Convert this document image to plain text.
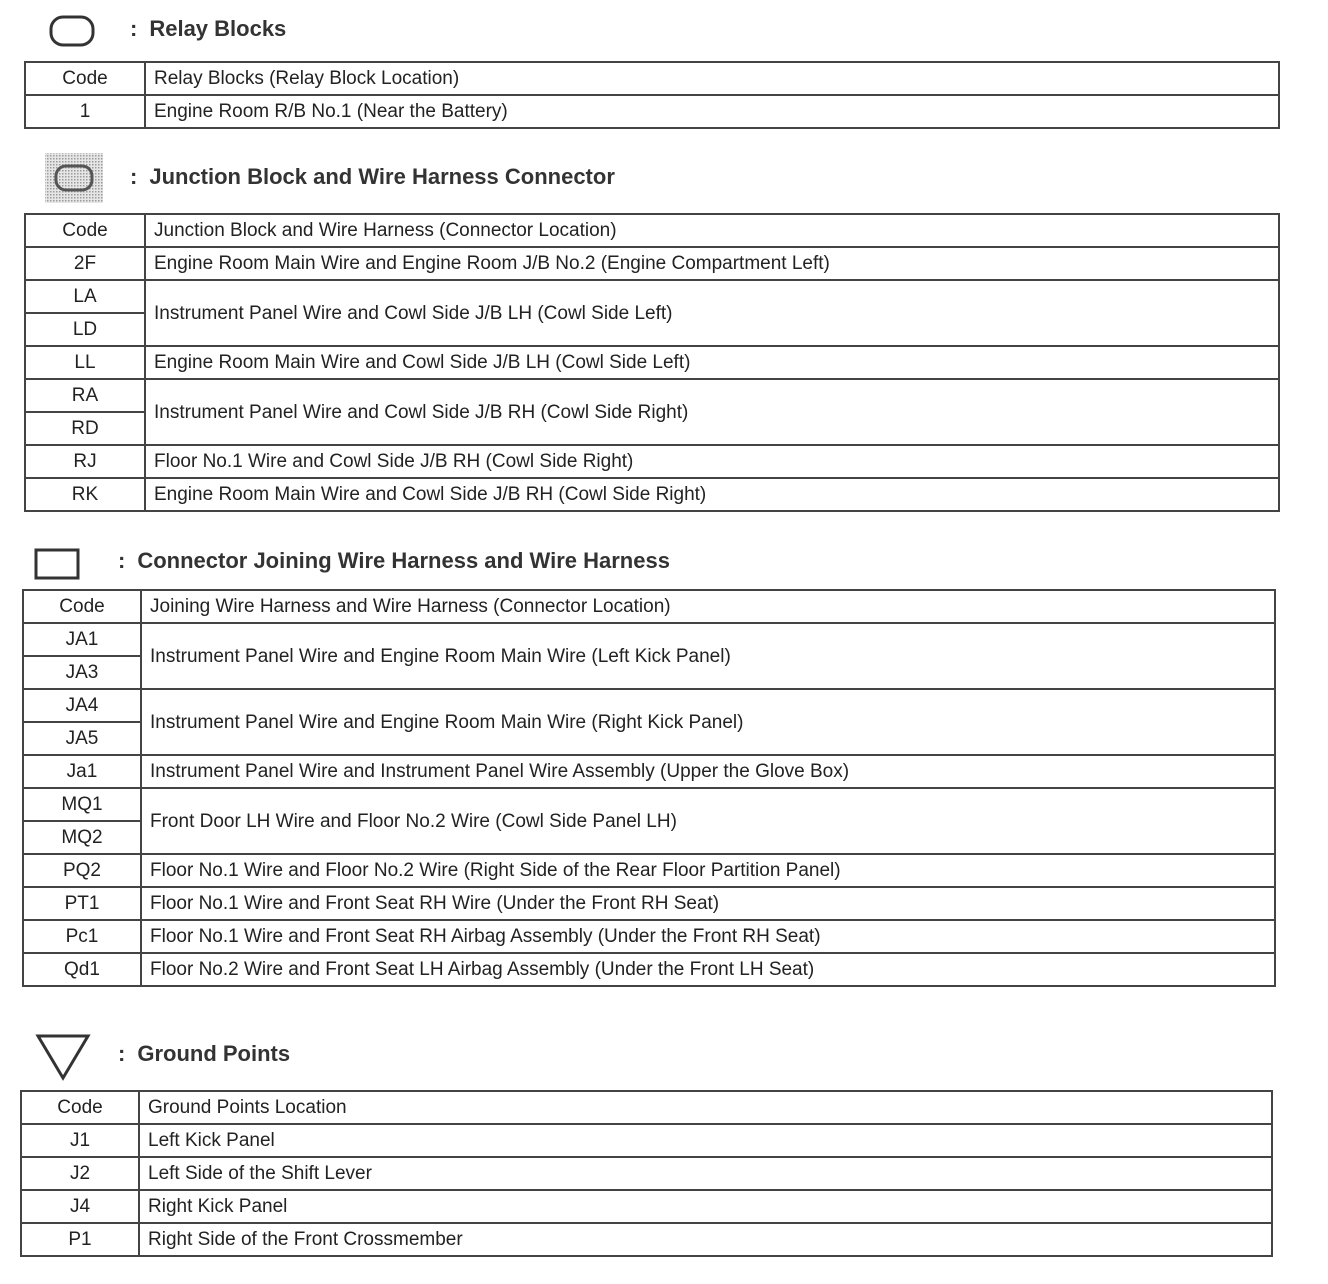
: Relay Blocks
Code	Relay Blocks (Relay Block Location)
1	Engine Room R/B No.1 (Near the Battery)
: Junction Block and Wire Harness Connector
Code	Junction Block and Wire Harness (Connector Location)
2F	Engine Room Main Wire and Engine Room J/B No.2 (Engine Compartment Left)
LA	Instrument Panel Wire and Cowl Side J/B LH (Cowl Side Left)
LD	
LL	Engine Room Main Wire and Cowl Side J/B LH (Cowl Side Left)
RA	Instrument Panel Wire and Cowl Side J/B RH (Cowl Side Right)
RD	
RJ	Floor No.1 Wire and Cowl Side J/B RH (Cowl Side Right)
RK	Engine Room Main Wire and Cowl Side J/B RH (Cowl Side Right)
: Connector Joining Wire Harness and Wire Harness
Code	Joining Wire Harness and Wire Harness (Connector Location)
JA1	Instrument Panel Wire and Engine Room Main Wire (Left Kick Panel)
JA3	
JA4	Instrument Panel Wire and Engine Room Main Wire (Right Kick Panel)
JA5	
Ja1	Instrument Panel Wire and Instrument Panel Wire Assembly (Upper the Glove Box)
MQ1	Front Door LH Wire and Floor No.2 Wire (Cowl Side Panel LH)
MQ2	
PQ2	Floor No.1 Wire and Floor No.2 Wire (Right Side of the Rear Floor Partition Panel)
PT1	Floor No.1 Wire and Front Seat RH Wire (Under the Front RH Seat)
Pc1	Floor No.1 Wire and Front Seat RH Airbag Assembly (Under the Front RH Seat)
Qd1	Floor No.2 Wire and Front Seat LH Airbag Assembly (Under the Front LH Seat)
: Ground Points
Code	Ground Points Location
J1	Left Kick Panel
J2	Left Side of the Shift Lever
J4	Right Kick Panel
P1	Right Side of the Front Crossmember
